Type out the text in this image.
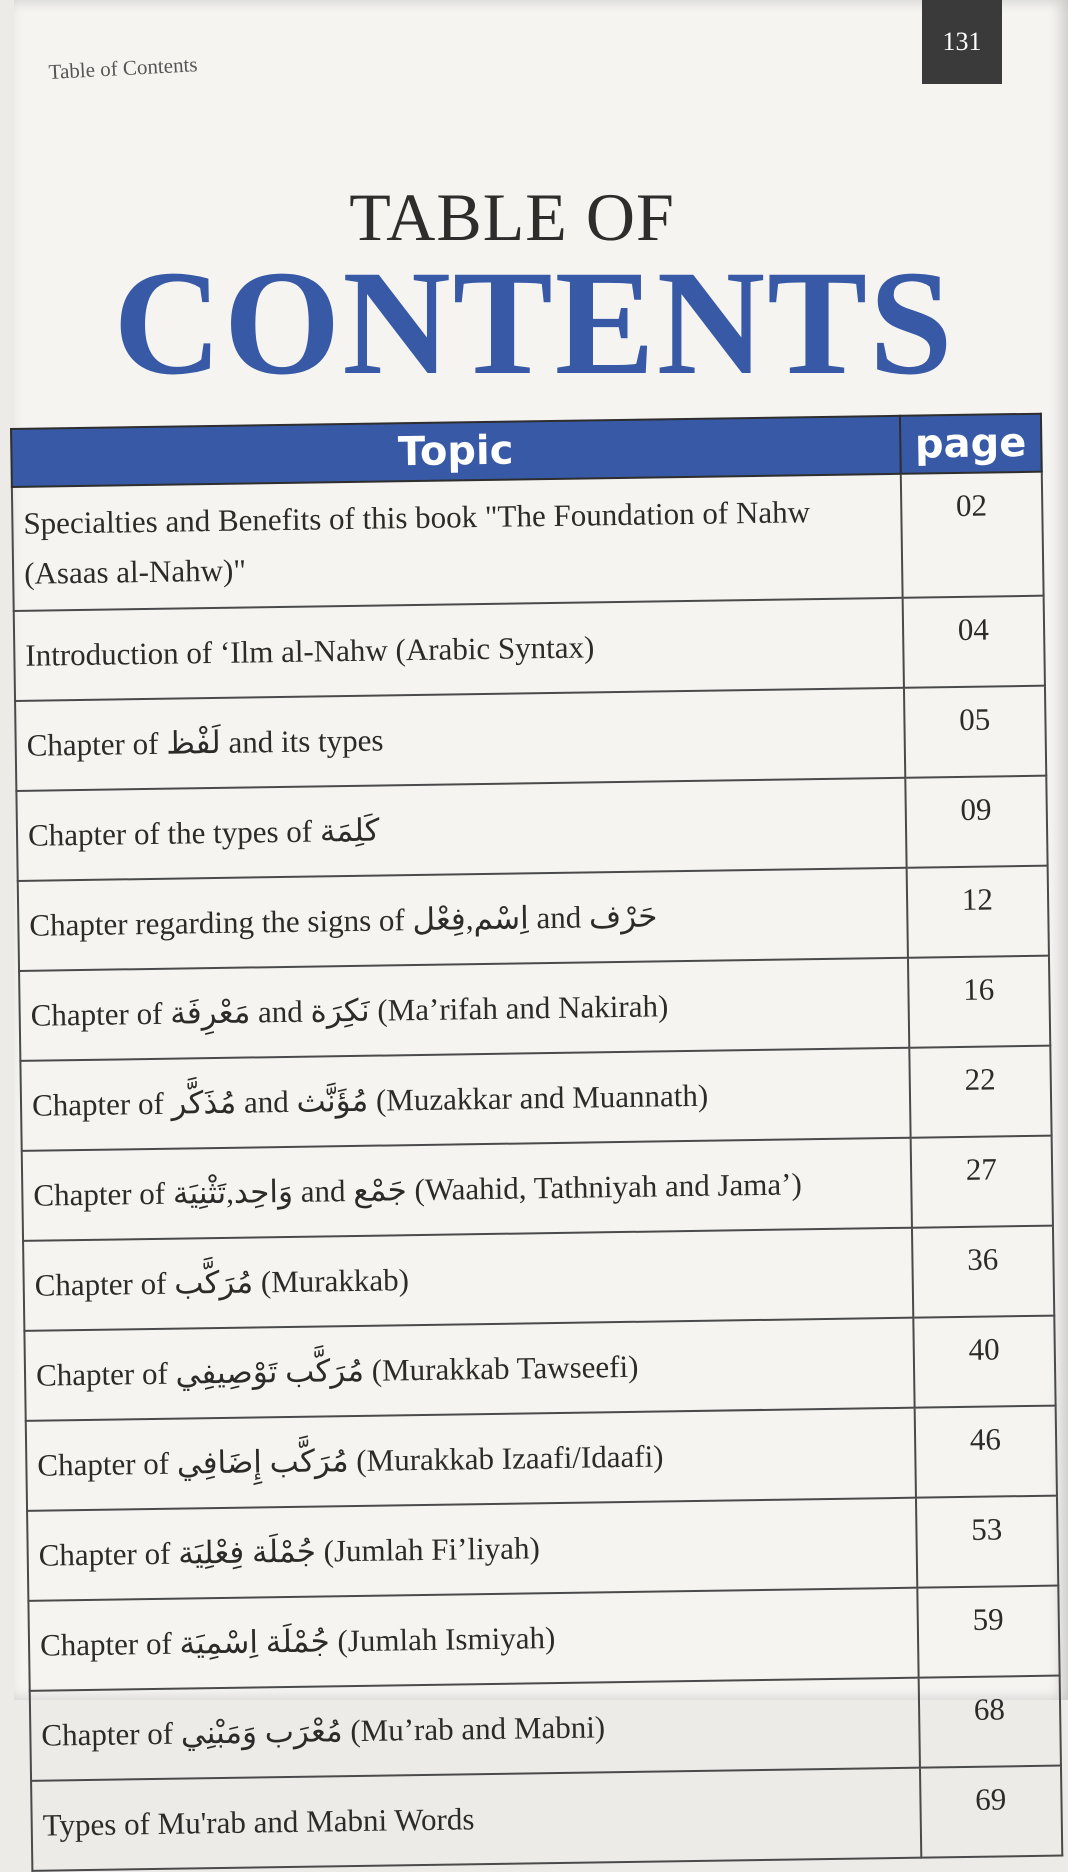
Table of Contents
131
TABLE OF
CONTENTS
Topic	page
Specialties and Benefits of this book "The Foundation of Nahw (Asaas al-Nahw)"	02
Introduction of ‘Ilm al-Nahw (Arabic Syntax)	04
Chapter of لَفْظ and its types	05
Chapter of the types of كَلِمَة	09
Chapter regarding the signs of اِسْم,فِعْل and حَرْف	12
Chapter of مَعْرِفَة and نَكِرَة (Ma’rifah and Nakirah)	16
Chapter of مُذَكَّر and مُؤَنَّث (Muzakkar and Muannath)	22
Chapter of وَاحِد,تَثْنِيَة and جَمْع (Waahid, Tathniyah and Jama’)	27
Chapter of مُرَكَّب (Murakkab)	36
Chapter of مُرَكَّب تَوْصِيفِي (Murakkab Tawseefi)	40
Chapter of مُرَكَّب إِضَافِي (Murakkab Izaafi/Idaafi)	46
Chapter of جُمْلَة فِعْلِيَة (Jumlah Fi’liyah)	53
Chapter of جُمْلَة اِسْمِيَة (Jumlah Ismiyah)	59
Chapter of مُعْرَب وَمَبْنِي (Mu’rab and Mabni)	68
Types of Mu'rab and Mabni Words	69
